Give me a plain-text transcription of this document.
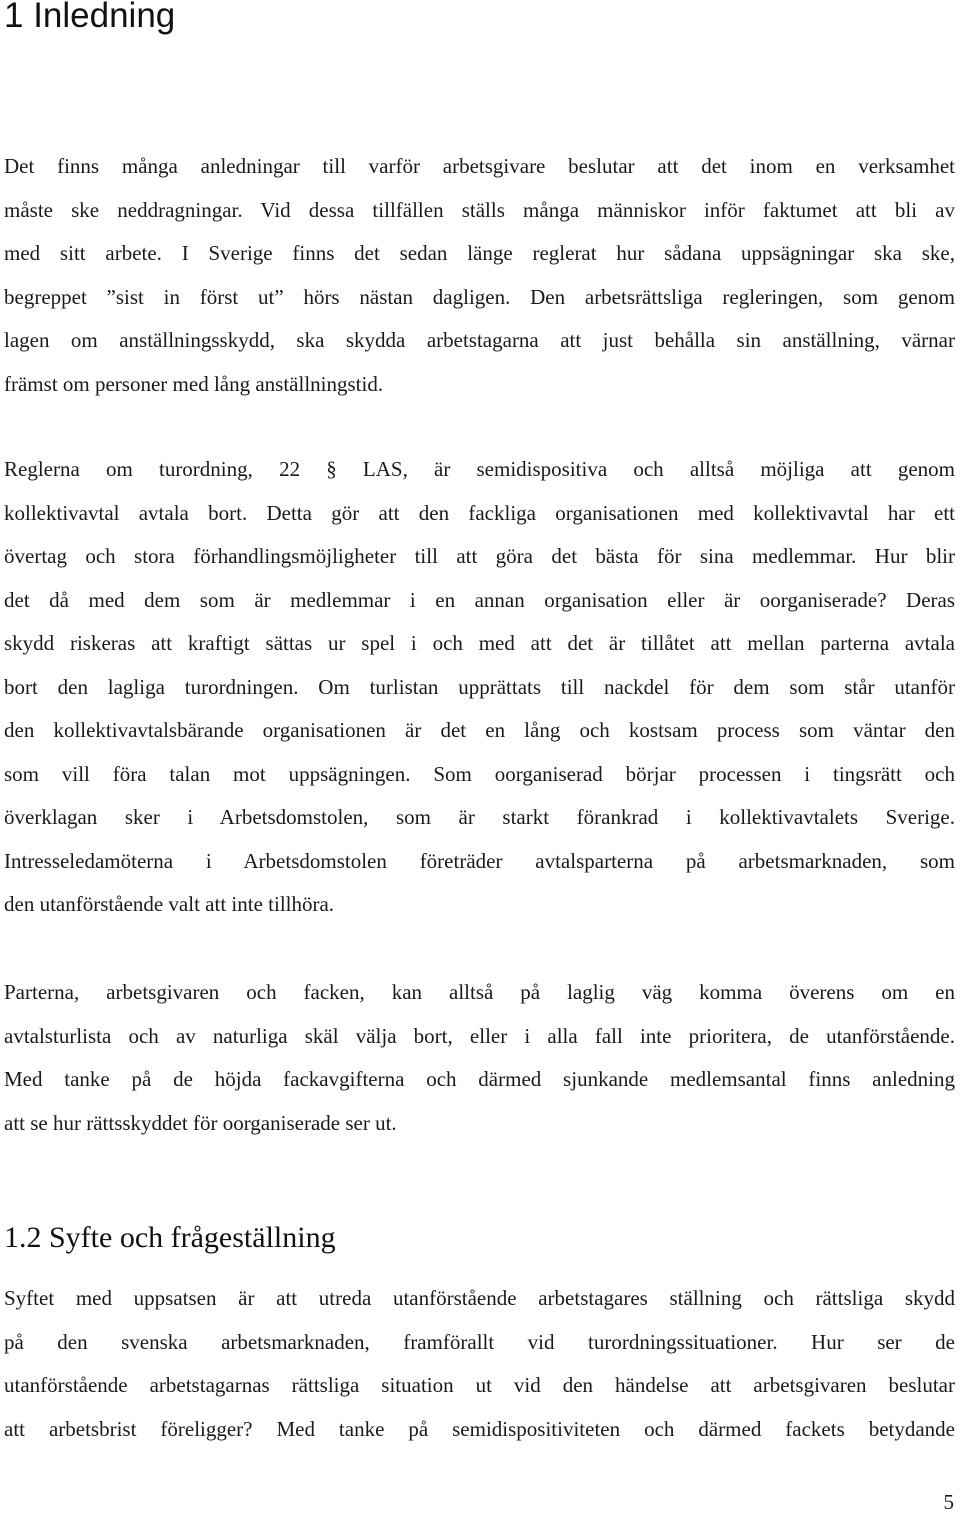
1 Inledning

Det finns många anledningar till varför arbetsgivare beslutar att det inom en verksamhet
måste ske neddragningar. Vid dessa tillfällen ställs många människor inför faktumet att bli av
med sitt arbete. I Sverige finns det sedan länge reglerat hur sådana uppsägningar ska ske,
begreppet ”sist in först ut” hörs nästan dagligen. Den arbetsrättsliga regleringen, som genom
lagen om anställningsskydd, ska skydda arbetstagarna att just behålla sin anställning, värnar
främst om personer med lång anställningstid.

Reglerna om turordning, 22 § LAS, är semidispositiva och alltså möjliga att genom
kollektivavtal avtala bort. Detta gör att den fackliga organisationen med kollektivavtal har ett
övertag och stora förhandlingsmöjligheter till att göra det bästa för sina medlemmar. Hur blir
det då med dem som är medlemmar i en annan organisation eller är oorganiserade? Deras
skydd riskeras att kraftigt sättas ur spel i och med att det är tillåtet att mellan parterna avtala
bort den lagliga turordningen. Om turlistan upprättats till nackdel för dem som står utanför
den kollektivavtalsbärande organisationen är det en lång och kostsam process som väntar den
som vill föra talan mot uppsägningen. Som oorganiserad börjar processen i tingsrätt och
överklagan sker i Arbetsdomstolen, som är starkt förankrad i kollektivavtalets Sverige.
Intresseledamöterna i Arbetsdomstolen företräder avtalsparterna på arbetsmarknaden, som
den utanförstående valt att inte tillhöra.

Parterna, arbetsgivaren och facken, kan alltså på laglig väg komma överens om en
avtalsturlista och av naturliga skäl välja bort, eller i alla fall inte prioritera, de utanförstående.
Med tanke på de höjda fackavgifterna och därmed sjunkande medlemsantal finns anledning
att se hur rättsskyddet för oorganiserade ser ut.

1.2 Syfte och frågeställning

Syftet med uppsatsen är att utreda utanförstående arbetstagares ställning och rättsliga skydd
på den svenska arbetsmarknaden, framförallt vid turordningssituationer. Hur ser de
utanförstående arbetstagarnas rättsliga situation ut vid den händelse att arbetsgivaren beslutar
att arbetsbrist föreligger? Med tanke på semidispositiviteten och därmed fackets betydande

5
